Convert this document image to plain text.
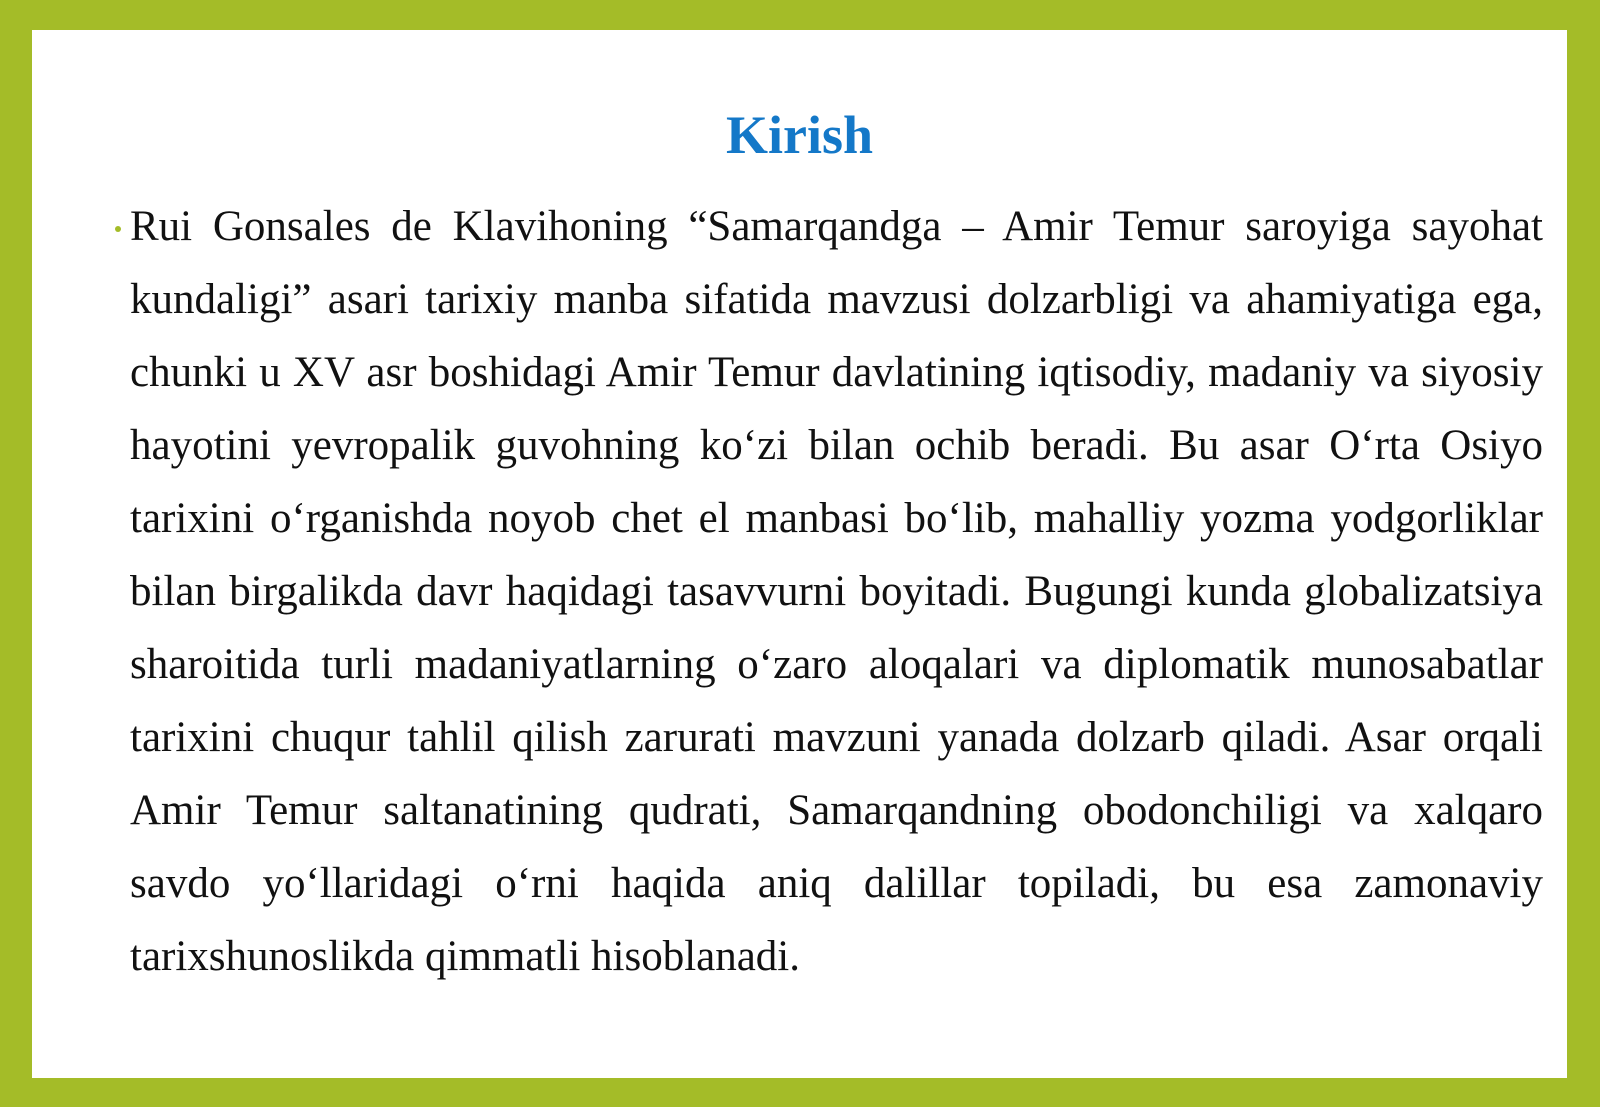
Kirish

Rui Gonsales de Klavihoning “Samarqandga – Amir Temur saroyiga sayohat kundaligi” asari tarixiy manba sifatida mavzusi dolzarbligi va ahamiyatiga ega, chunki u XV asr boshidagi Amir Temur davlatining iqtisodiy, madaniy va siyosiy hayotini yevropalik guvohning ko‘zi bilan ochib beradi. Bu asar O‘rta Osiyo tarixini o‘rganishda noyob chet el manbasi bo‘lib, mahalliy yozma yodgorliklar bilan birgalikda davr haqidagi tasavvurni boyitadi. Bugungi kunda globalizatsiya sharoitida turli madaniyatlarning o‘zaro aloqalari va diplomatik munosabatlar tarixini chuqur tahlil qilish zarurati mavzuni yanada dolzarb qiladi. Asar orqali Amir Temur saltanatining qudrati, Samarqandning obodonchiligi va xalqaro savdo yo‘llaridagi o‘rni haqida aniq dalillar topiladi, bu esa zamonaviy tarixshunoslikda qimmatli hisoblanadi.
